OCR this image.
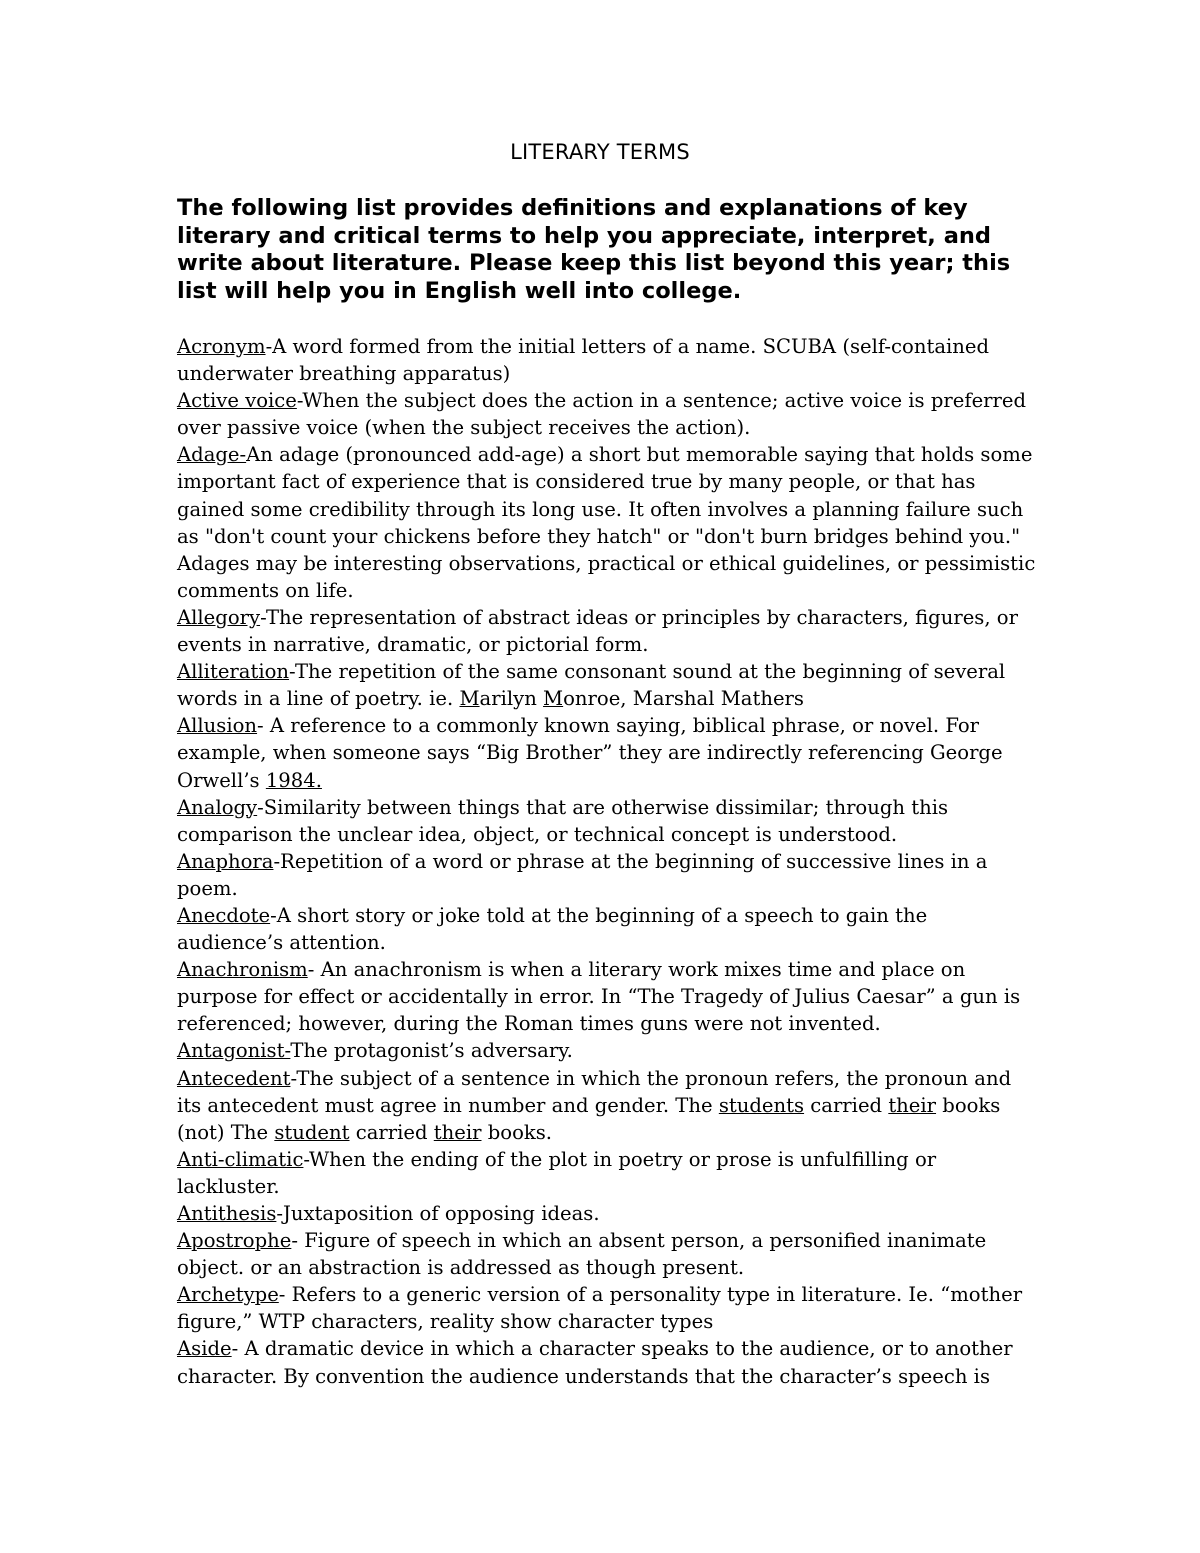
LITERARY TERMS
The following list provides definitions and explanations of key literary and critical terms to help you appreciate, interpret, and write about literature. Please keep this list beyond this year; this list will help you in English well into college.

Acronym-A word formed from the initial letters of a name. SCUBA (self-contained underwater breathing apparatus)

Active voice-When the subject does the action in a sentence; active voice is preferred over passive voice (when the subject receives the action).

Adage-An adage (pronounced add-age) a short but memorable saying that holds some important fact of experience that is considered true by many people, or that has gained some credibility through its long use. It often involves a planning failure such as "don't count your chickens before they hatch" or "don't burn bridges behind you." Adages may be interesting observations, practical or ethical guidelines, or pessimistic comments on life.

Allegory-The representation of abstract ideas or principles by characters, figures, or events in narrative, dramatic, or pictorial form.

Alliteration-The repetition of the same consonant sound at the beginning of several words in a line of poetry. ie. Marilyn Monroe, Marshal Mathers

Allusion- A reference to a commonly known saying, biblical phrase, or novel. For example, when someone says “Big Brother” they are indirectly referencing George Orwell’s 1984.

Analogy-Similarity between things that are otherwise dissimilar; through this comparison the unclear idea, object, or technical concept is understood.

Anaphora-Repetition of a word or phrase at the beginning of successive lines in a poem.

Anecdote-A short story or joke told at the beginning of a speech to gain the audience’s attention.

Anachronism- An anachronism is when a literary work mixes time and place on purpose for effect or accidentally in error. In “The Tragedy of Julius Caesar” a gun is referenced; however, during the Roman times guns were not invented.

Antagonist-The protagonist’s adversary.

Antecedent-The subject of a sentence in which the pronoun refers, the pronoun and its antecedent must agree in number and gender. The students carried their books (not) The student carried their books.

Anti-climatic-When the ending of the plot in poetry or prose is unfulfilling or lackluster.

Antithesis-Juxtaposition of opposing ideas.

Apostrophe- Figure of speech in which an absent person, a personified inanimate object. or an abstraction is addressed as though present.

Archetype- Refers to a generic version of a personality type in literature. Ie. “mother figure,” WTP characters, reality show character types

Aside- A dramatic device in which a character speaks to the audience, or to another character. By convention the audience understands that the character’s speech is
